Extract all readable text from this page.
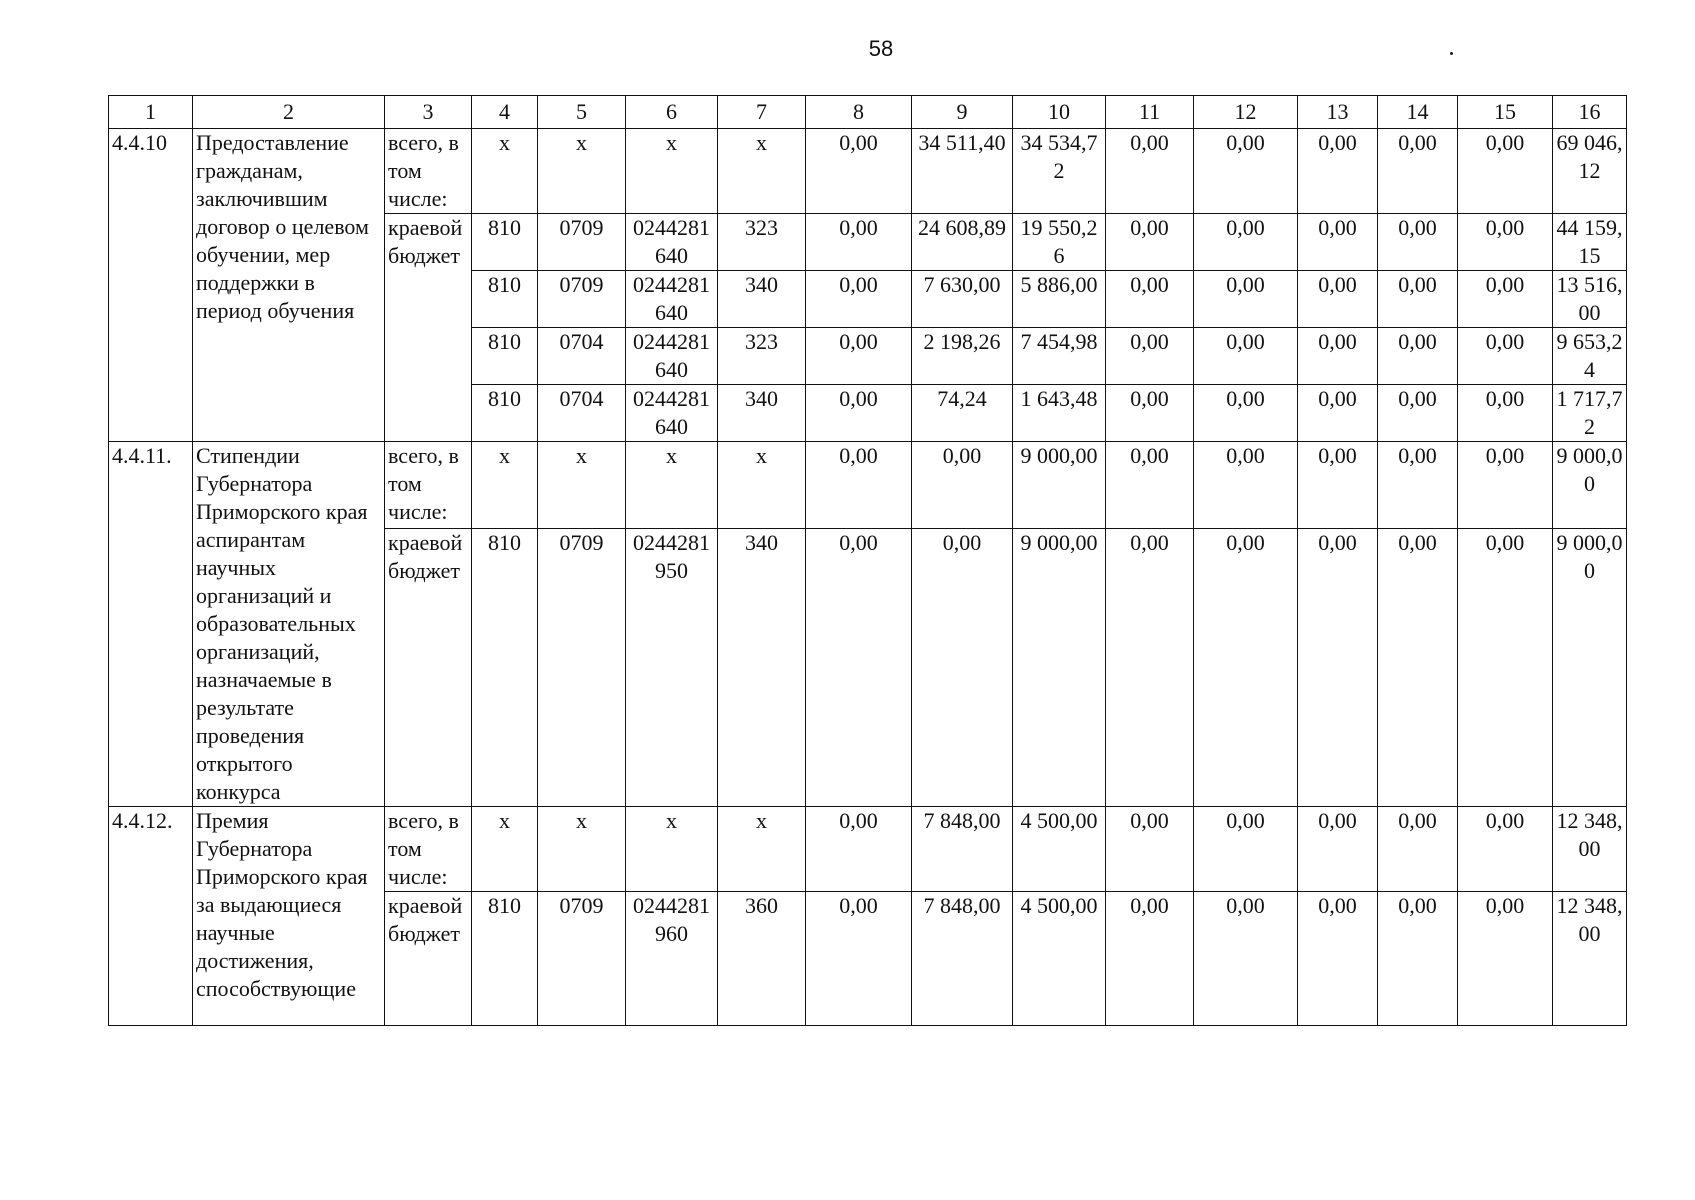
58
1	2	3	4	5	6	7	8	9	10	11	12	13	14	15	16
4.4.10	Предоставление гражданам, заключившим договор о целевом обучении, мер поддержки в период обучения	всего, в том числе:	х	х	х	х	0,00	34 511,40	34 534,72	0,00	0,00	0,00	0,00	0,00	69 046,12
		краевой бюджет	810	0709	0244281640	323	0,00	24 608,89	19 550,26	0,00	0,00	0,00	0,00	0,00	44 159,15
			810	0709	0244281640	340	0,00	7 630,00	5 886,00	0,00	0,00	0,00	0,00	0,00	13 516,00
			810	0704	0244281640	323	0,00	2 198,26	7 454,98	0,00	0,00	0,00	0,00	0,00	9 653,24
			810	0704	0244281640	340	0,00	74,24	1 643,48	0,00	0,00	0,00	0,00	0,00	1 717,72
4.4.11.	Стипендии Губернатора Приморского края аспирантам научных организаций и образовательных организаций, назначаемые в результате проведения открытого конкурса	всего, в том числе:	х	х	х	х	0,00	0,00	9 000,00	0,00	0,00	0,00	0,00	0,00	9 000,00
		краевой бюджет	810	0709	0244281950	340	0,00	0,00	9 000,00	0,00	0,00	0,00	0,00	0,00	9 000,00
4.4.12.	Премия Губернатора Приморского края за выдающиеся научные достижения, способствующие	всего, в том числе:	х	х	х	х	0,00	7 848,00	4 500,00	0,00	0,00	0,00	0,00	0,00	12 348,00
		краевой бюджет	810	0709	0244281960	360	0,00	7 848,00	4 500,00	0,00	0,00	0,00	0,00	0,00	12 348,00
